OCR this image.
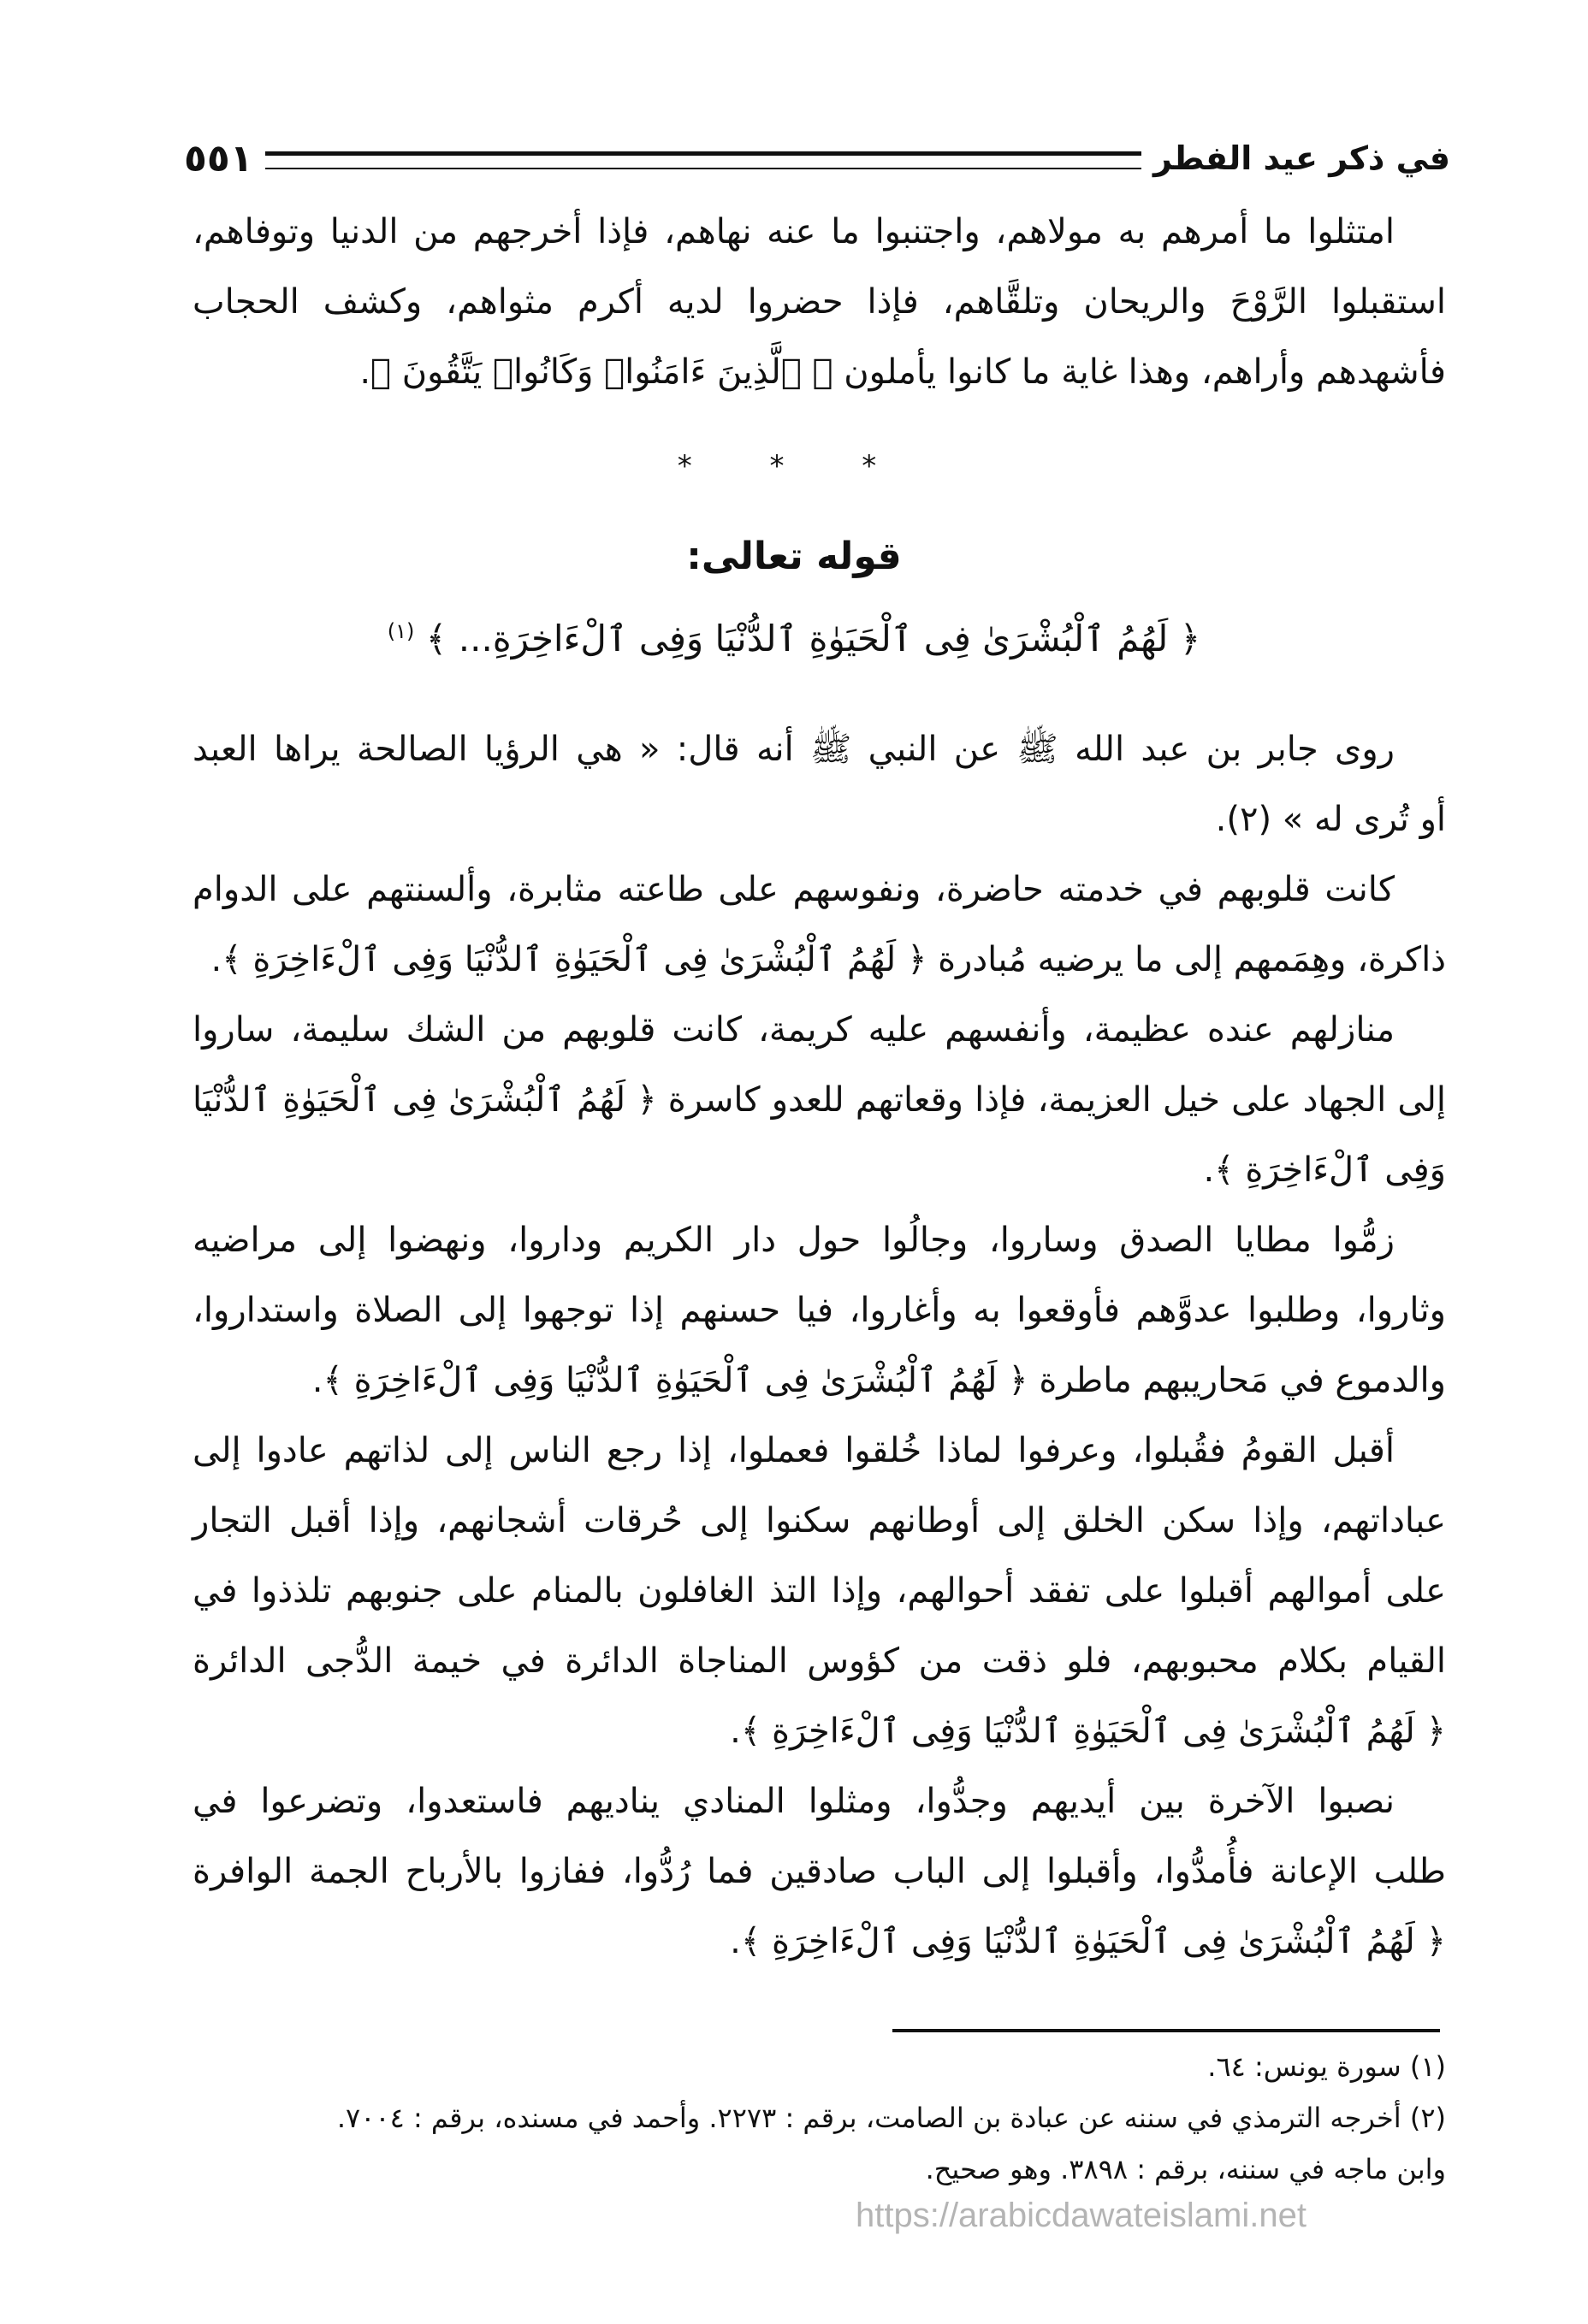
في ذكر عيد الفطر
٥٥١
امتثلوا ما أمرهم به مولاهم، واجتنبوا ما عنه نهاهم، فإذا أخرجهم من الدنيا وتوفاهم،
استقبلوا الرَّوْحَ والريحان وتلقَّاهم، فإذا حضروا لديه أكرم مثواهم، وكشف الحجاب
فأشهدهم وأراهم، وهذا غاية ما كانوا يأملون ﴿ ٱلَّذِينَ ءَامَنُوا۟ وَكَانُوا۟ يَتَّقُونَ ﴾.
* * *
قوله تعالى:
﴿ لَهُمُ ٱلْبُشْرَىٰ فِى ٱلْحَيَوٰةِ ٱلدُّنْيَا وَفِى ٱلْءَاخِرَةِ... ﴾ $^{(١)}$
روى جابر بن عبد الله ﷺ عن النبي ﷺ أنه قال: « هي الرؤيا الصالحة يراها العبد
أو تُرى له » (٢).
كانت قلوبهم في خدمته حاضرة، ونفوسهم على طاعته مثابرة، وألسنتهم على الدوام
ذاكرة، وهِمَمهم إلى ما يرضيه مُبادرة ﴿ لَهُمُ ٱلْبُشْرَىٰ فِى ٱلْحَيَوٰةِ ٱلدُّنْيَا وَفِى ٱلْءَاخِرَةِ ﴾.
منازلهم عنده عظيمة، وأنفسهم عليه كريمة، كانت قلوبهم من الشك سليمة، ساروا
إلى الجهاد على خيل العزيمة، فإذا وقعاتهم للعدو كاسرة ﴿ لَهُمُ ٱلْبُشْرَىٰ فِى ٱلْحَيَوٰةِ ٱلدُّنْيَا
وَفِى ٱلْءَاخِرَةِ ﴾.
زمُّوا مطايا الصدق وساروا، وجالُوا حول دار الكريم وداروا، ونهضوا إلى مراضيه
وثاروا، وطلبوا عدوَّهم فأوقعوا به وأغاروا، فيا حسنهم إذا توجهوا إلى الصلاة واستداروا،
والدموع في مَحاريبهم ماطرة ﴿ لَهُمُ ٱلْبُشْرَىٰ فِى ٱلْحَيَوٰةِ ٱلدُّنْيَا وَفِى ٱلْءَاخِرَةِ ﴾.
أقبل القومُ فقُبلوا، وعرفوا لماذا خُلقوا فعملوا، إذا رجع الناس إلى لذاتهم عادوا إلى
عباداتهم، وإذا سكن الخلق إلى أوطانهم سكنوا إلى حُرقات أشجانهم، وإذا أقبل التجار
على أموالهم أقبلوا على تفقد أحوالهم، وإذا التذ الغافلون بالمنام على جنوبهم تلذذوا في
القيام بكلام محبوبهم، فلو ذقت من كؤوس المناجاة الدائرة في خيمة الدُّجى الدائرة
﴿ لَهُمُ ٱلْبُشْرَىٰ فِى ٱلْحَيَوٰةِ ٱلدُّنْيَا وَفِى ٱلْءَاخِرَةِ ﴾.
نصبوا الآخرة بين أيديهم وجدُّوا، ومثلوا المنادي يناديهم فاستعدوا، وتضرعوا في
طلب الإعانة فأُمدُّوا، وأقبلوا إلى الباب صادقين فما رُدُّوا، ففازوا بالأرباح الجمة الوافرة
﴿ لَهُمُ ٱلْبُشْرَىٰ فِى ٱلْحَيَوٰةِ ٱلدُّنْيَا وَفِى ٱلْءَاخِرَةِ ﴾.
(١) سورة يونس: ٦٤.
(٢) أخرجه الترمذي في سننه عن عبادة بن الصامت، برقم : ٢٢٧٣. وأحمد في مسنده، برقم : ٧٠٠٤.
وابن ماجه في سننه، برقم : ٣٨٩٨. وهو صحيح.
https://arabicdawateislami.net
